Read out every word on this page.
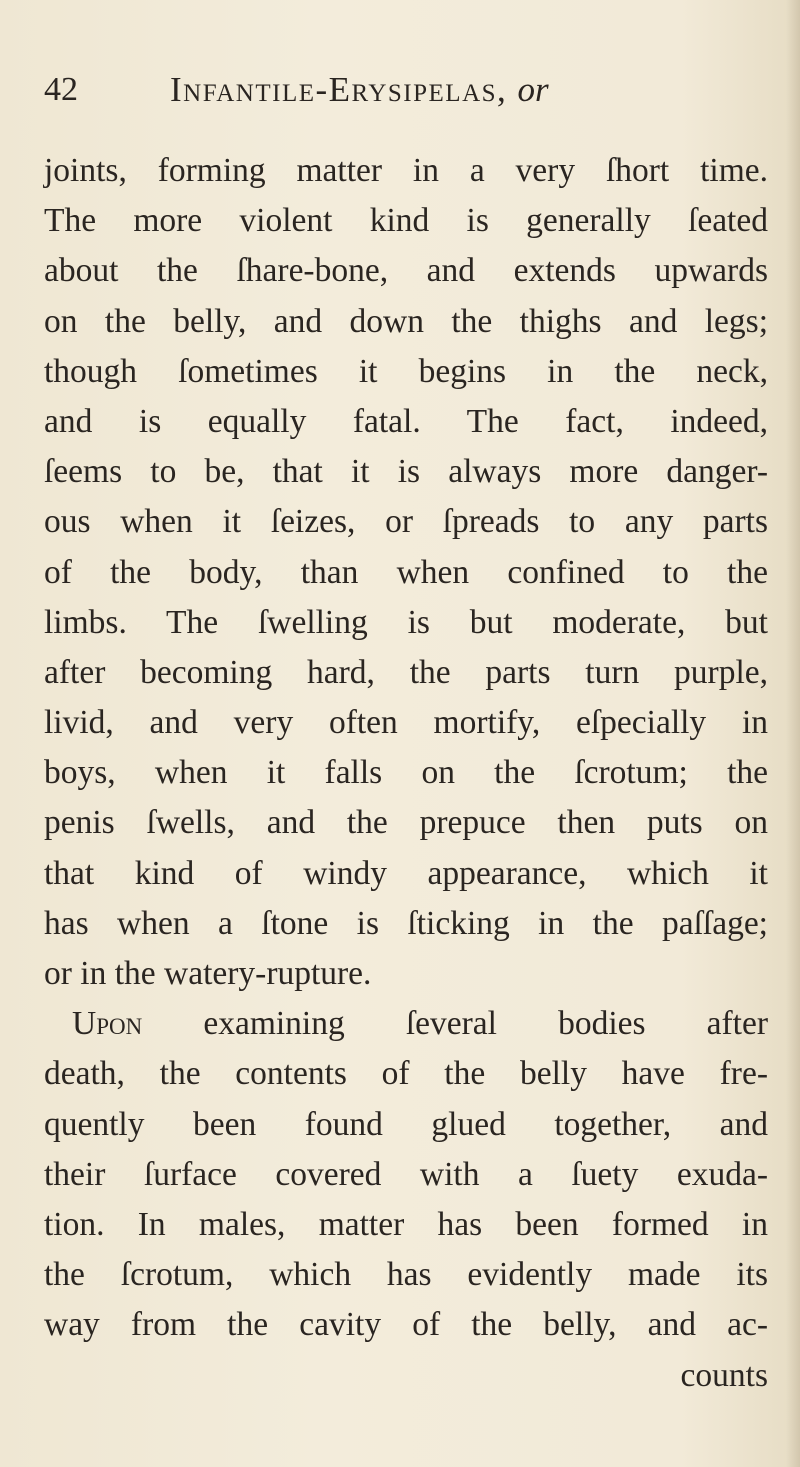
42	Infantile-Erysipelas, or
joints, forming matter in a very ſhort time.
The more violent kind is generally ſeated
about the ſhare-bone, and extends upwards
on the belly, and down the thighs and legs;
though ſometimes it begins in the neck,
and is equally fatal. The fact, indeed,
ſeems to be, that it is always more danger-
ous when it ſeizes, or ſpreads to any parts
of the body, than when confined to the
limbs. The ſwelling is but moderate, but
after becoming hard, the parts turn purple,
livid, and very often mortify, eſpecially in
boys, when it falls on the ſcrotum; the
penis ſwells, and the prepuce then puts on
that kind of windy appearance, which it
has when a ſtone is ſticking in the paſſage;
or in the watery-rupture.
Upon examining ſeveral bodies after
death, the contents of the belly have fre-
quently been found glued together, and
their ſurface covered with a ſuety exuda-
tion. In males, matter has been formed in
the ſcrotum, which has evidently made its
way from the cavity of the belly, and ac-
counts
